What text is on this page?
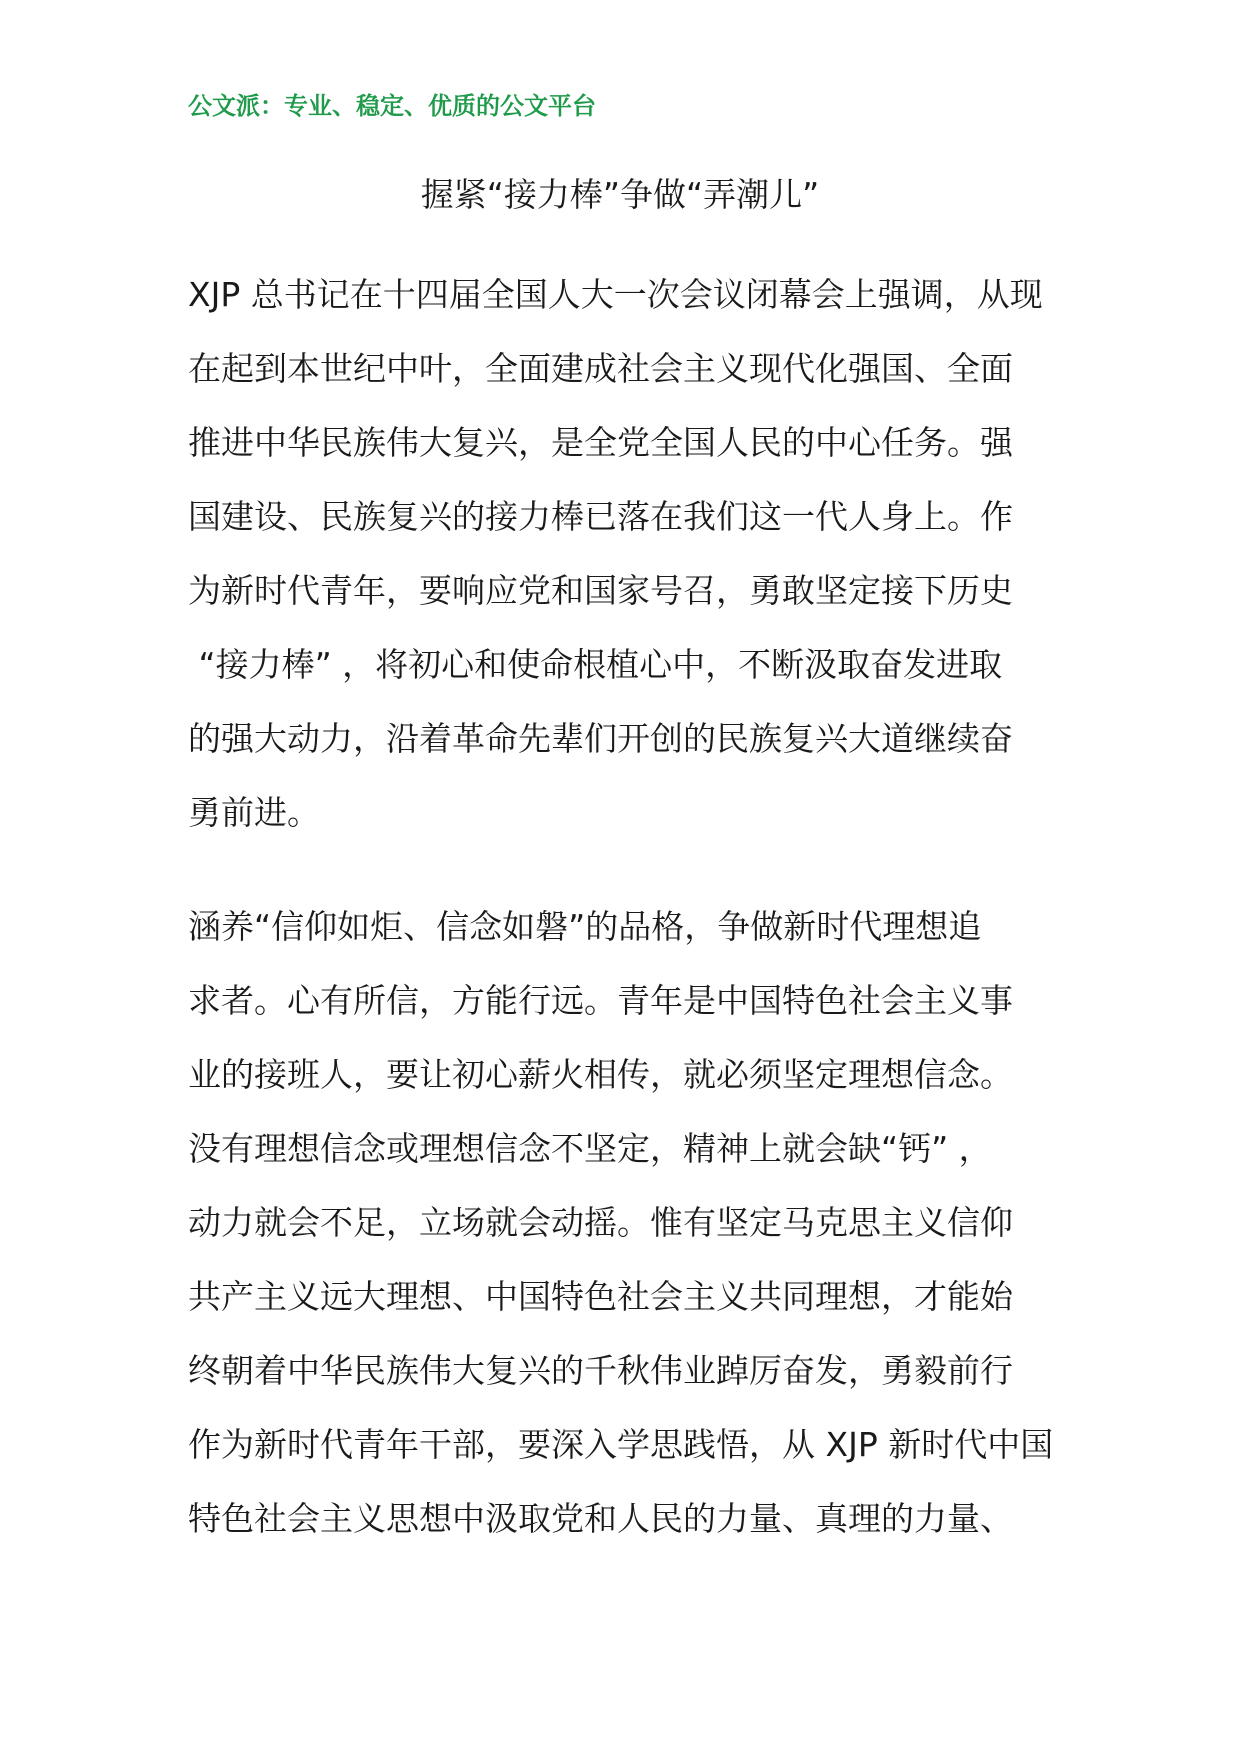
公文派：专业、稳定、优质的公文平台
握紧“接力棒”争做“弄潮儿”
XJP 总书记在十四届全国人大一次会议闭幕会上强调，从现
在起到本世纪中叶，全面建成社会主义现代化强国、全面
推进中华民族伟大复兴，是全党全国人民的中心任务。强
国建设、民族复兴的接力棒已落在我们这一代人身上。作
为新时代青年，要响应党和国家号召，勇敢坚定接下历史
“接力棒” ，将初心和使命根植心中，不断汲取奋发进取
的强大动力，沿着革命先辈们开创的民族复兴大道继续奋
勇前进。
涵养“信仰如炬、信念如磐”的品格，争做新时代理想追
求者。心有所信，方能行远。青年是中国特色社会主义事
业的接班人，要让初心薪火相传，就必须坚定理想信念。
没有理想信念或理想信念不坚定，精神上就会缺“钙” ，
动力就会不足，立场就会动摇。惟有坚定马克思主义信仰
共产主义远大理想、中国特色社会主义共同理想，才能始
终朝着中华民族伟大复兴的千秋伟业踔厉奋发，勇毅前行
作为新时代青年干部，要深入学思践悟，从 XJP 新时代中国
特色社会主义思想中汲取党和人民的力量、真理的力量、
